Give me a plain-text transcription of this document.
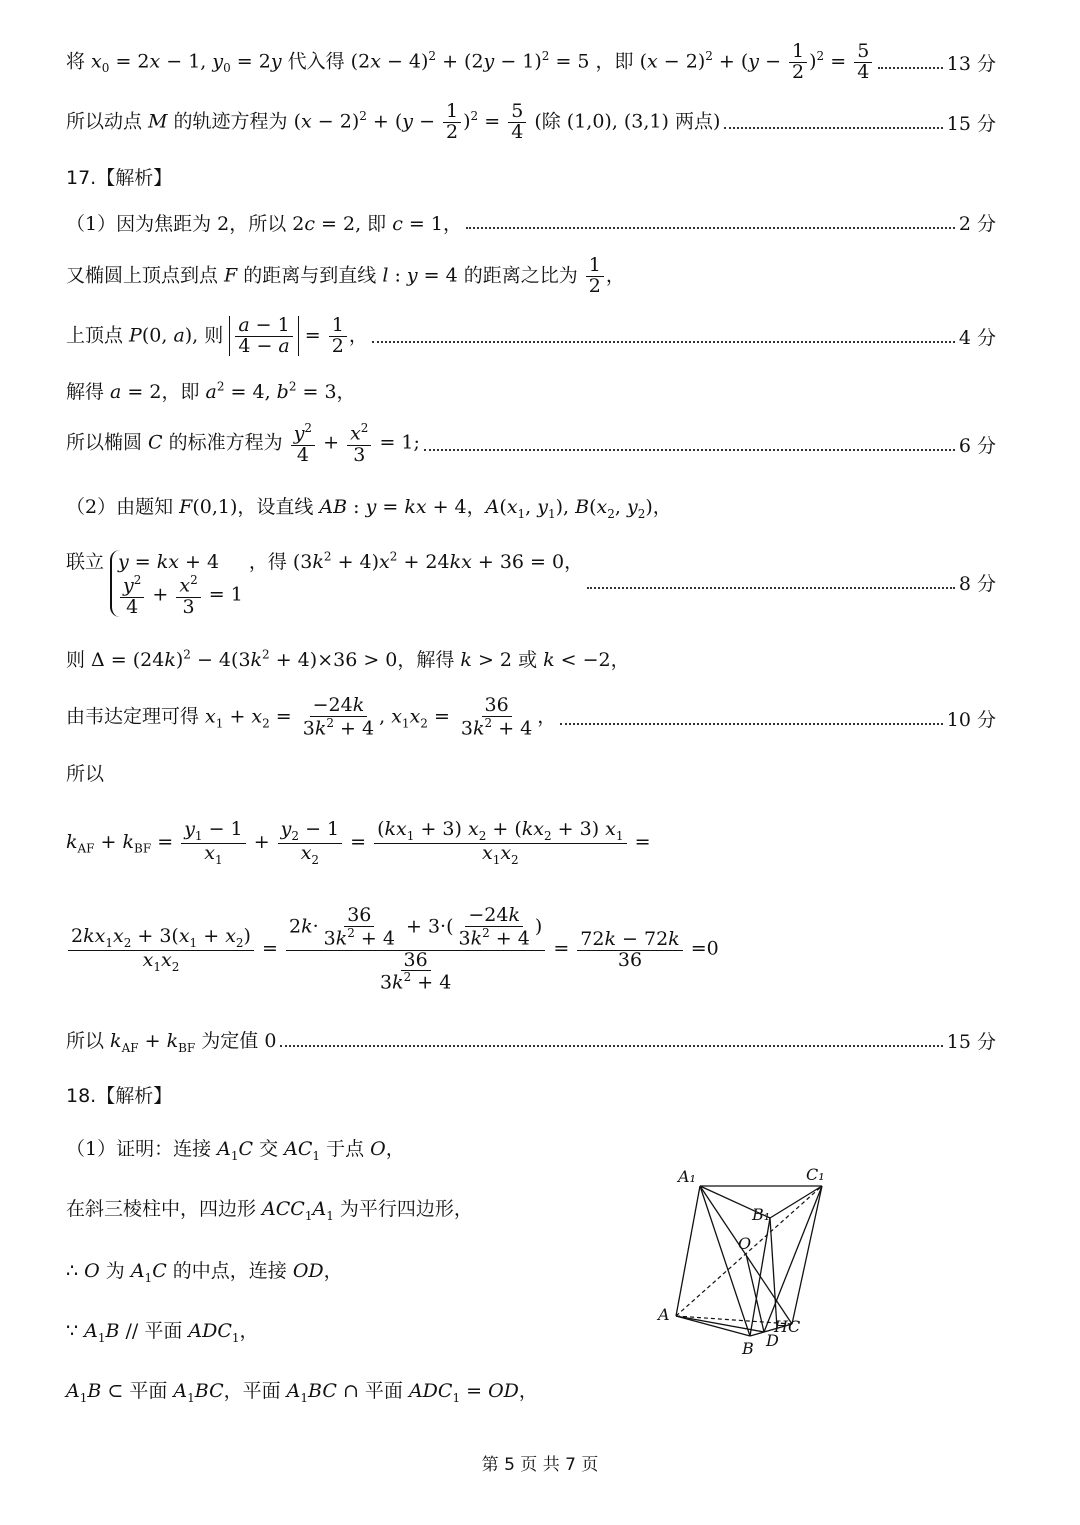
将 $x_0 = 2x - 1$, $y_0 = 2y$ 代入得 $(2x - 4)^2 + (2y - 1)^2 = 5$ ，即 $(x - 2)^2 + (y - \frac{1}{2} )^2 = \frac{5}{4}$	13 分
所以动点 M 的轨迹方程为 $(x - 2)^2 + (y - \frac{1}{2} )^2 = \frac{5}{4}$ (除 (1,0), (3,1) 两点)	15 分
17.【解析】
（1）因为焦距为 2，所以 2c = 2, 即 c = 1，	2 分
又椭圆上顶点到点 F 的距离与到直线 l : y = 4 的距离之比为 $\frac{1}{2}$ ，
上顶点 P(0, a), 则 $\frac{a - 1}{4 - a} = \frac{1}{2}$ ，	4 分
解得 a = 2，即 $a^2 = 4$, $b^2 = 3$，
所以椭圆 C 的标准方程为 $\frac{y^2}{4} + \frac{x^2}{3} = 1$;	6 分
（2）由题知 F(0,1)，设直线 AB : y = kx + 4，$A(x_1$, $y_1$), $B(x_2$, $y_2$)，
联立 y = kx + 4
$\frac{y^2}{4} + \frac{x^2}{3} = 1$
，得 $(3k^2 + 4)x^2 + 24kx + 36 = 0$，
8 分
则 $\Delta = (24k)^2 - 4(3k^2 + 4)\times 36 > 0$，解得 k > 2 或 k < −2，
由韦达定理可得 $x_1 + x_2 = \frac{-24k}{3k^2 + 4}$ , $x_1x_2 = \frac{36}{3k^2 + 4}$ ，	10 分
所以
$k_{AF} + k_{BF} = \frac{y_1 - 1}{x_1} + \frac{y_2 - 1}{x_2} = \frac{(kx_1 + 3) x_2 + (kx_2 + 3) x_1}{x_1x_2}$ =
$\frac{2kx_1x_2 + 3(x_1 + x_2)}{x_1x_2} = \frac{2k\cdot \frac{36}{3k^2 + 4} + 3\cdot( \frac{-24k}{3k^2 + 4} )}{\frac{36}{3k^2 + 4}} = \frac{72k - 72k}{36} =0$
所以 $k_{AF} + k_{BF}$ 为定值 0	15 分
18.【解析】
（1）证明：连接 $A_1C$ 交 $AC_1$ 于点 O，
在斜三棱柱中，四边形 $ACC_1A_1$ 为平行四边形，
∴ O 为 $A_1C$ 的中点，连接 OD，
∵ $A_1B$ // 平面 $ADC_1$，
$A_1B$ ⊂ 平面 $A_1BC$，平面 $A_1BC$ ∩ 平面 $ADC_1$ = OD，
A₁	C₁
B₁
O
A
B D
HC
第 5 页 共 7 页
